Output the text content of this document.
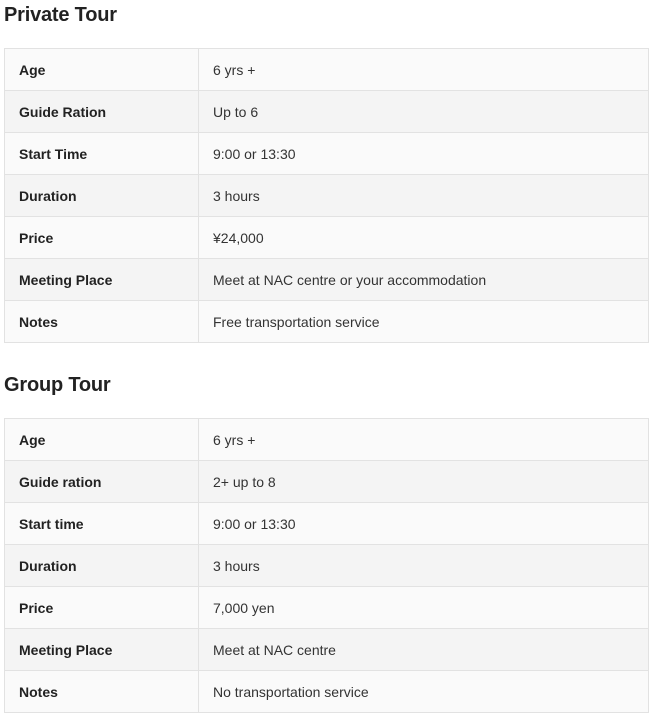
Private Tour
Age	6 yrs +
Guide Ration	Up to 6
Start Time	9:00 or 13:30
Duration	3 hours
Price	¥24,000
Meeting Place	Meet at NAC centre or your accommodation
Notes	Free transportation service
Group Tour
Age	6 yrs +
Guide ration	2+ up to 8
Start time	9:00 or 13:30
Duration	3 hours
Price	7,000 yen
Meeting Place	Meet at NAC centre
Notes	No transportation service
